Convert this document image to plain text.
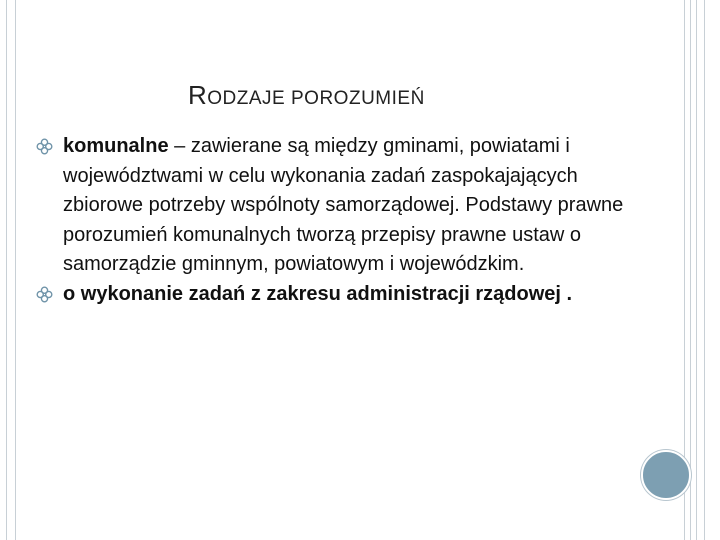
RODZAJE POROZUMIEŃ
komunalne – zawierane są między gminami, powiatami i województwami w celu wykonania zadań zaspokajających zbiorowe potrzeby wspólnoty samorządowej. Podstawy prawne porozumień komunalnych tworzą przepisy prawne ustaw o samorządzie gminnym, powiatowym i wojewódzkim.
o wykonanie zadań z zakresu administracji rządowej .
